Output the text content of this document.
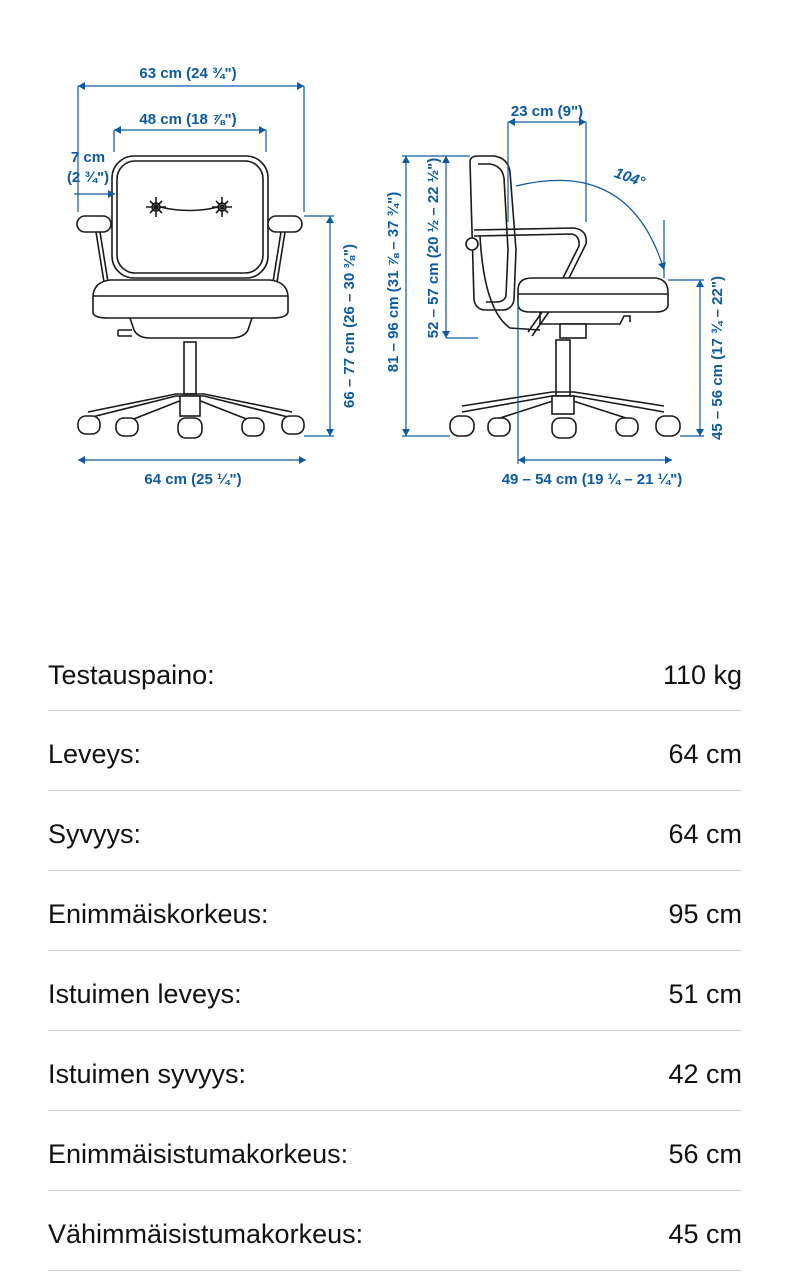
63 cm (24 ¾")
48 cm (18 ⅞")
7 cm
(2 ¾")
64 cm (25 ¼")
66 – 77 cm (26 – 30 ⅜")
23 cm (9")
104°
81 – 96 cm (31 ⅞ – 37 ¾") 52 – 57 cm (20 ½ – 22 ½")
45 – 56 cm (17 ¾ – 22")
49 – 54 cm (19 ¼ – 21 ¼")
Testauspaino:	110 kg
Leveys:	64 cm
Syvyys:	64 cm
Enimmäiskorkeus:	95 cm
Istuimen leveys:	51 cm
Istuimen syvyys:	42 cm
Enimmäisistumakorkeus:	56 cm
Vähimmäisistumakorkeus:	45 cm
